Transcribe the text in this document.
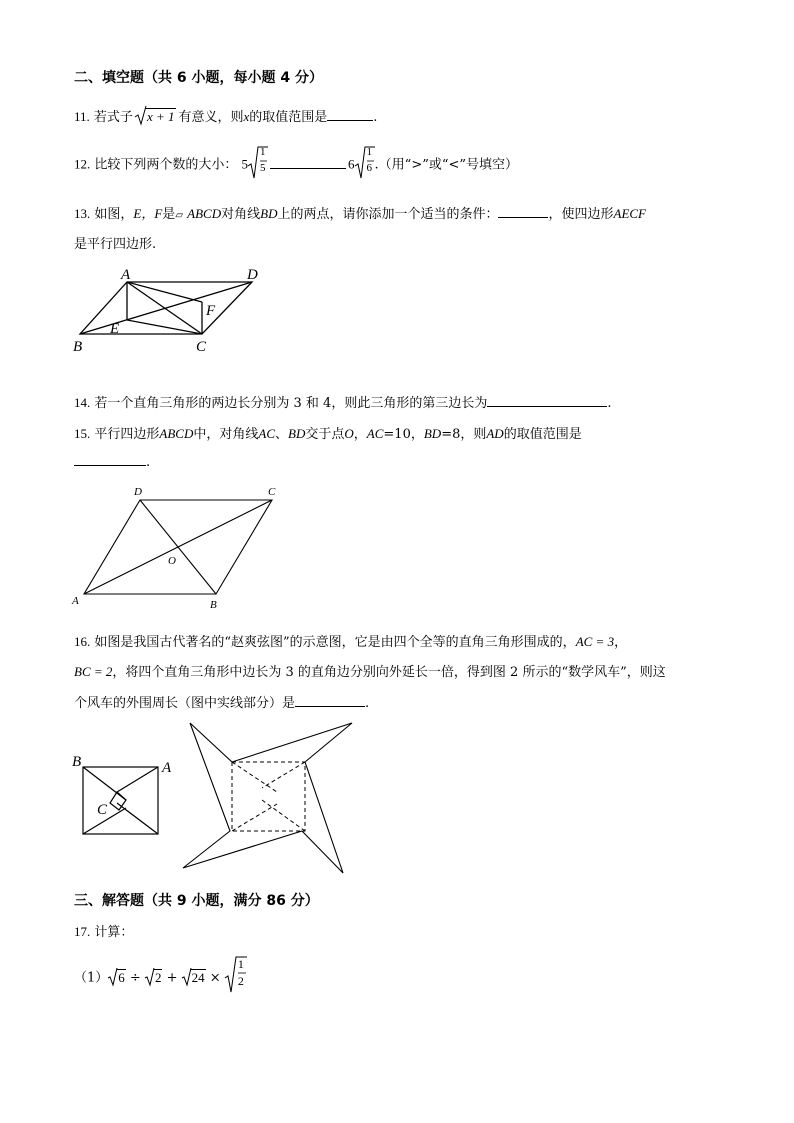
二、填空题（共 6 小题，每小题 4 分）
11. 若式子 x + 1 有意义，则x的取值范围是	.
12. 比较下列两个数的大小： 5
1
5	6
1
6 .（用“>”或“<”号填空）
13. 如图，E，F是▱ ABCD对角线BD上的两点，请你添加一个适当的条件：	，使四边形AECF
是平行四边形.
A	D
E
F
B	C
14. 若一个直角三角形的两边长分别为 3 和 4，则此三角形的第三边长为	.
15. 平行四边形ABCD中，对角线AC、BD交于点O，AC=10，BD=8，则AD的取值范围是
.
D	C
O
A	B
16. 如图是我国古代著名的“赵爽弦图”的示意图，它是由四个全等的直角三角形围成的，AC = 3，
BC = 2，将四个直角三角形中边长为 3 的直角边分别向外延长一倍，得到图 2 所示的“数学风车”，则这
个风车的外围周长（图中实线部分）是	.
B	A
C
三、解答题（共 9 小题，满分 86 分）
17. 计算：
（1） 6 ÷ 2 + 24 ×
1
2
